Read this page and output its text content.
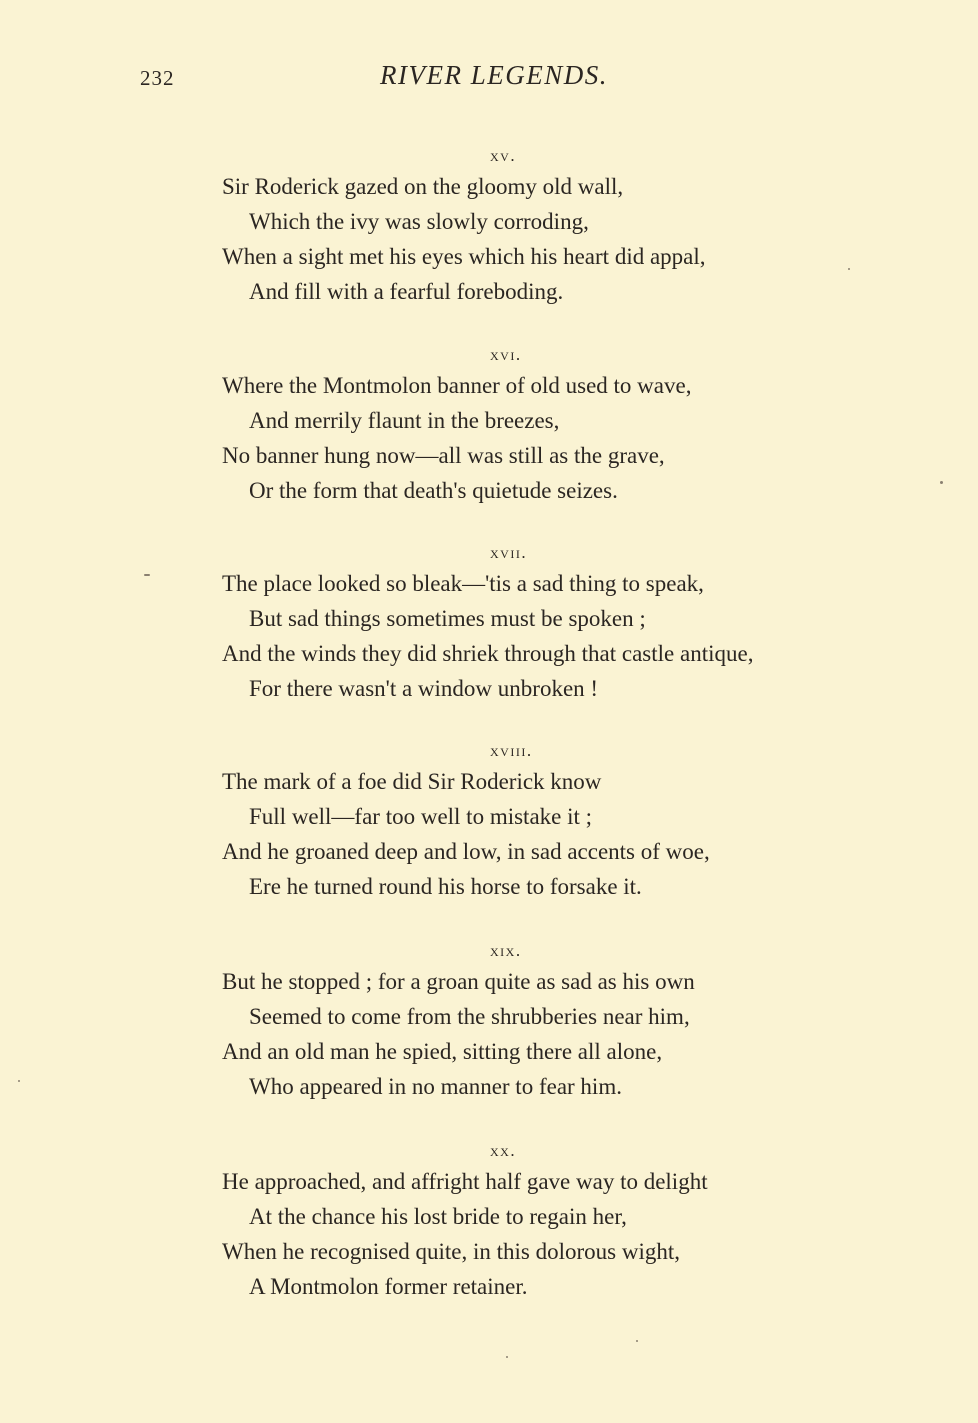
232	RIVER LEGENDS.
xv.
Sir Roderick gazed on the gloomy old wall,
Which the ivy was slowly corroding,
When a sight met his eyes which his heart did appal,
And fill with a fearful foreboding.
xvi.
Where the Montmolon banner of old used to wave,
And merrily flaunt in the breezes,
No banner hung now—all was still as the grave,
Or the form that death's quietude seizes.
xvii.
The place looked so bleak—'tis a sad thing to speak,
But sad things sometimes must be spoken ;
And the winds they did shriek through that castle antique,
For there wasn't a window unbroken !
xviii.
The mark of a foe did Sir Roderick know
Full well—far too well to mistake it ;
And he groaned deep and low, in sad accents of woe,
Ere he turned round his horse to forsake it.
xix.
But he stopped ; for a groan quite as sad as his own
Seemed to come from the shrubberies near him,
And an old man he spied, sitting there all alone,
Who appeared in no manner to fear him.
xx.
He approached, and affright half gave way to delight
At the chance his lost bride to regain her,
When he recognised quite, in this dolorous wight,
A Montmolon former retainer.
